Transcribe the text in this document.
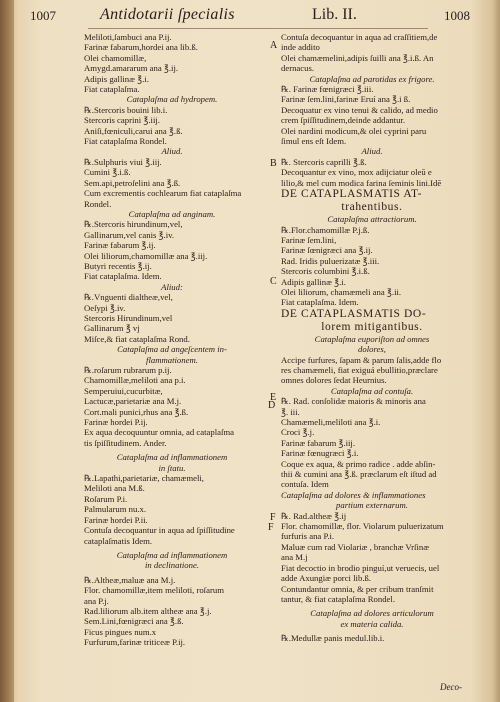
1007	Antidotarii ſpecialis	Lib. II.	1008
Meliloti,ſambuci ana P.ij.
Farinæ fabarum,hordei ana lib.ß.
Olei chamomillæ,
Amygd.amararum ana ℥.ij.
Adipis gallinæ ℥.i.
Fiat cataplaſma.
Cataplaſma ad hydropem.
℞.Stercoris bouini lib.i.
Stercoris caprini ℥.iij.
Aniſi,fœniculi,carui ana ℥.ß.
Fiat cataplaſma Rondel.
Aliud.
℞.Sulphuris viui ℥.iij.
Cumini ℥.i.ß.
Sem.api,petroſelini ana ℥.ß.
Cum excrementis cochlearum fiat cataplaſma
Rondel.
Cataplaſma ad anginam.
℞.Stercoris hirundinum,vel,
Gallinarum,vel canis ℥.iv.
Farinæ fabarum ℥.ij.
Olei liliorum,chamomillæ ana ℥.iij.
Butyri recentis ℥.ij.
Fiat cataplaſma. Idem.
Aliud:
℞.Vnguenti dialtheæ,vel,
Oeſypi ℥.iv.
Stercoris Hirundinum,vel
Gallinarum ℥ vj
Miſce,& fiat cataplaſma Rond.
Cataplaſma ad angeſcentem in-
flammationem.
℞.roſarum rubrarum p.ij.
Chamomillæ,meliloti ana p.i.
Semperuiui,cucurbitæ,
Lactucæ,parietariæ ana M.j.
Cort.mali punici,rhus ana ℥.ß.
Farinæ hordei P.ij.
Ex aqua decoquuntur omnia, ad cataplaſma
tis ſpiſſitudinem. Ander.
Cataplaſma ad inflammationem
in ſtatu.
℞.Lapathi,parietariæ, chamæmeli,
Meliloti ana M.ß.
Roſarum P.i.
Palmularum nu.x.
Farinæ hordei P.ii.
Contuſa decoquantur in aqua ad ſpiſſitudine
cataplaſmatis Idem.
Cataplaſma ad inflammationem
in declinatione.
℞.Altheæ,maluæ ana M.j.
Flor. chamomillæ,item meliloti, roſarum
ana P.j.
Rad.liliorum alb.item altheæ ana ℥.j.
Sem.Lini,fœnigræci ana ℥.ß.
Ficus pingues num.x
Furfurum,farinæ triticeæ P.ij.
Contuſa decoquantur in aqua ad craſſitiem,de
inde addito
Olei chamæmelini,adipis ſuilli ana ℥.i.ß. An
dernacus.
Cataplaſma ad parotidas ex frigore.
℞. Farinæ fœnigræci ℥.iii.
Farinæ ſem.lini,farinæ Eruí ana ℥.i ß.
Decoquatur ex vino tenui & calido, ad medio
crem ſpiſſitudinem,deinde addantur.
Olei nardini modicum,& olei cyprini paru
ſimul ens eſt Idem.
Aliud.
℞. Stercoris caprilli ℥.ß.
Decoquantur ex vino, mox adijciatur oleū e
lilio,& mel cum modica farina ſeminis lini.Idē
DE CATAPLASMATIS AT-
trahentibus.
Cataplaſma attractiorum.
℞.Flor.chamomillæ P.j.ß.
Farinæ ſem.lini,
Farinæ ſœnigræci ana ℥.ij.
Rad. Iridis puluerizatæ ℥.iii.
Stercoris columbini ℥.i.ß.
Adipis gallinæ ℥.i.
Olei liliorum, chamæmeli ana ℥.ii.
Fiat cataplaſma. Idem.
DE CATAPLASMATIS DO-
lorem mitigantibus.
Cataplaſma euporiſton ad omnes
dolores,
Accipe furfures, ſapam & parum ſalis,adde flo
res chamæmeli, fiat exiguá ebullitio,præclare
omnes dolores ſedat Heurnius.
Cataplaſma ad contuſa.
℞. Rad. conſolidæ maioris & minoris ana
℥. iii.
Chamæmeli,meliloti ana ℥.i.
Croci ℥.j.
Farinæ fabarum ℥.iij.
Farinæ fœnugræci ℥.i.
Coque ex aqua, & primo radice . adde abſin-
thii & cumini ana ℥.ß. præclarum eſt iſtud ad
contuſa. Idem
Cataplaſma ad dolores & inflammationes
partium externarum.
℞. Rad.altheæ ℥.ij
Flor. chamomillæ, flor. Violarum puluerizatum
furfuris ana P.i.
Maluæ cum rad Violariæ , branchæ Vrſinæ
ana M.j
Fiat decoctio in brodio pinguí,ut veruecis, uel
adde Axungiæ porci lib.ß.
Contundantur omnia, & per cribum tranſmit
tantur, & fiat cataplaſma Rondel.
Cataplaſma ad dolores articulorum
ex materia calida.
℞.Medullæ panis medul.lib.i.
A
B
C
E
F
D
F
Deco-
